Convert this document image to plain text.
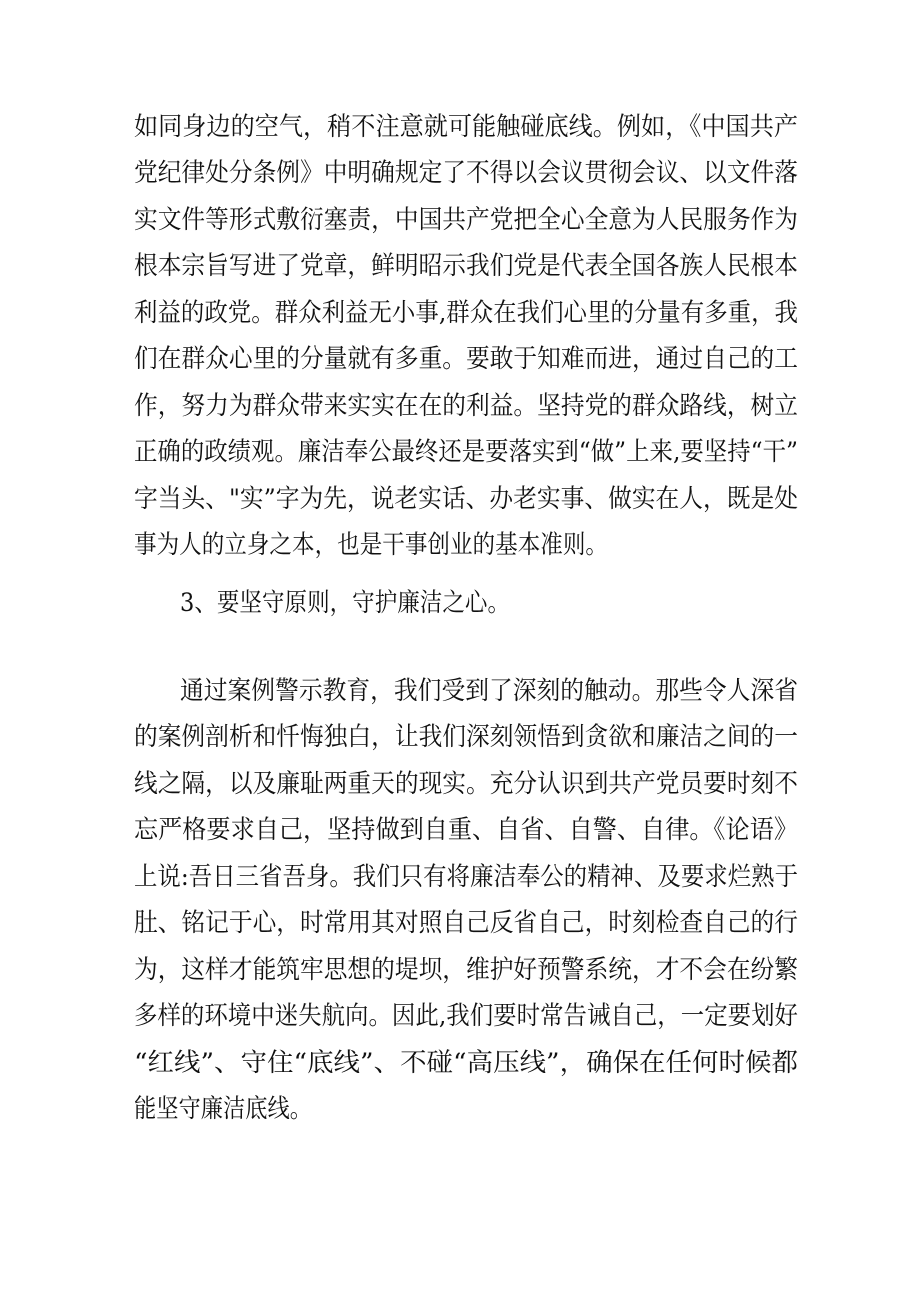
如同身边的空气，稍不注意就可能触碰底线。例如，《中国共产
党纪律处分条例》中明确规定了不得以会议贯彻会议、以文件落
实文件等形式敷衍塞责，中国共产党把全心全意为人民服务作为
根本宗旨写进了党章，鲜明昭示我们党是代表全国各族人民根本
利益的政党。群众利益无小事,群众在我们心里的分量有多重，我
们在群众心里的分量就有多重。要敢于知难而进，通过自己的工
作，努力为群众带来实实在在的利益。坚持党的群众路线，树立
正确的政绩观。廉洁奉公最终还是要落实到“做”上来,要坚持“干”
字当头、"实”字为先，说老实话、办老实事、做实在人，既是处
事为人的立身之本，也是干事创业的基本准则。
3、要坚守原则，守护廉洁之心。
通过案例警示教育，我们受到了深刻的触动。那些令人深省
的案例剖析和忏悔独白，让我们深刻领悟到贪欲和廉洁之间的一
线之隔，以及廉耻两重天的现实。充分认识到共产党员要时刻不
忘严格要求自己，坚持做到自重、自省、自警、自律。《论语》
上说:吾日三省吾身。我们只有将廉洁奉公的精神、及要求烂熟于
肚、铭记于心，时常用其对照自己反省自己，时刻检查自己的行
为，这样才能筑牢思想的堤坝，维护好预警系统，才不会在纷繁
多样的环境中迷失航向。因此,我们要时常告诫自己，一定要划好
“红线”、守住“底线”、不碰“高压线”，确保在任何时候都
能坚守廉洁底线。
